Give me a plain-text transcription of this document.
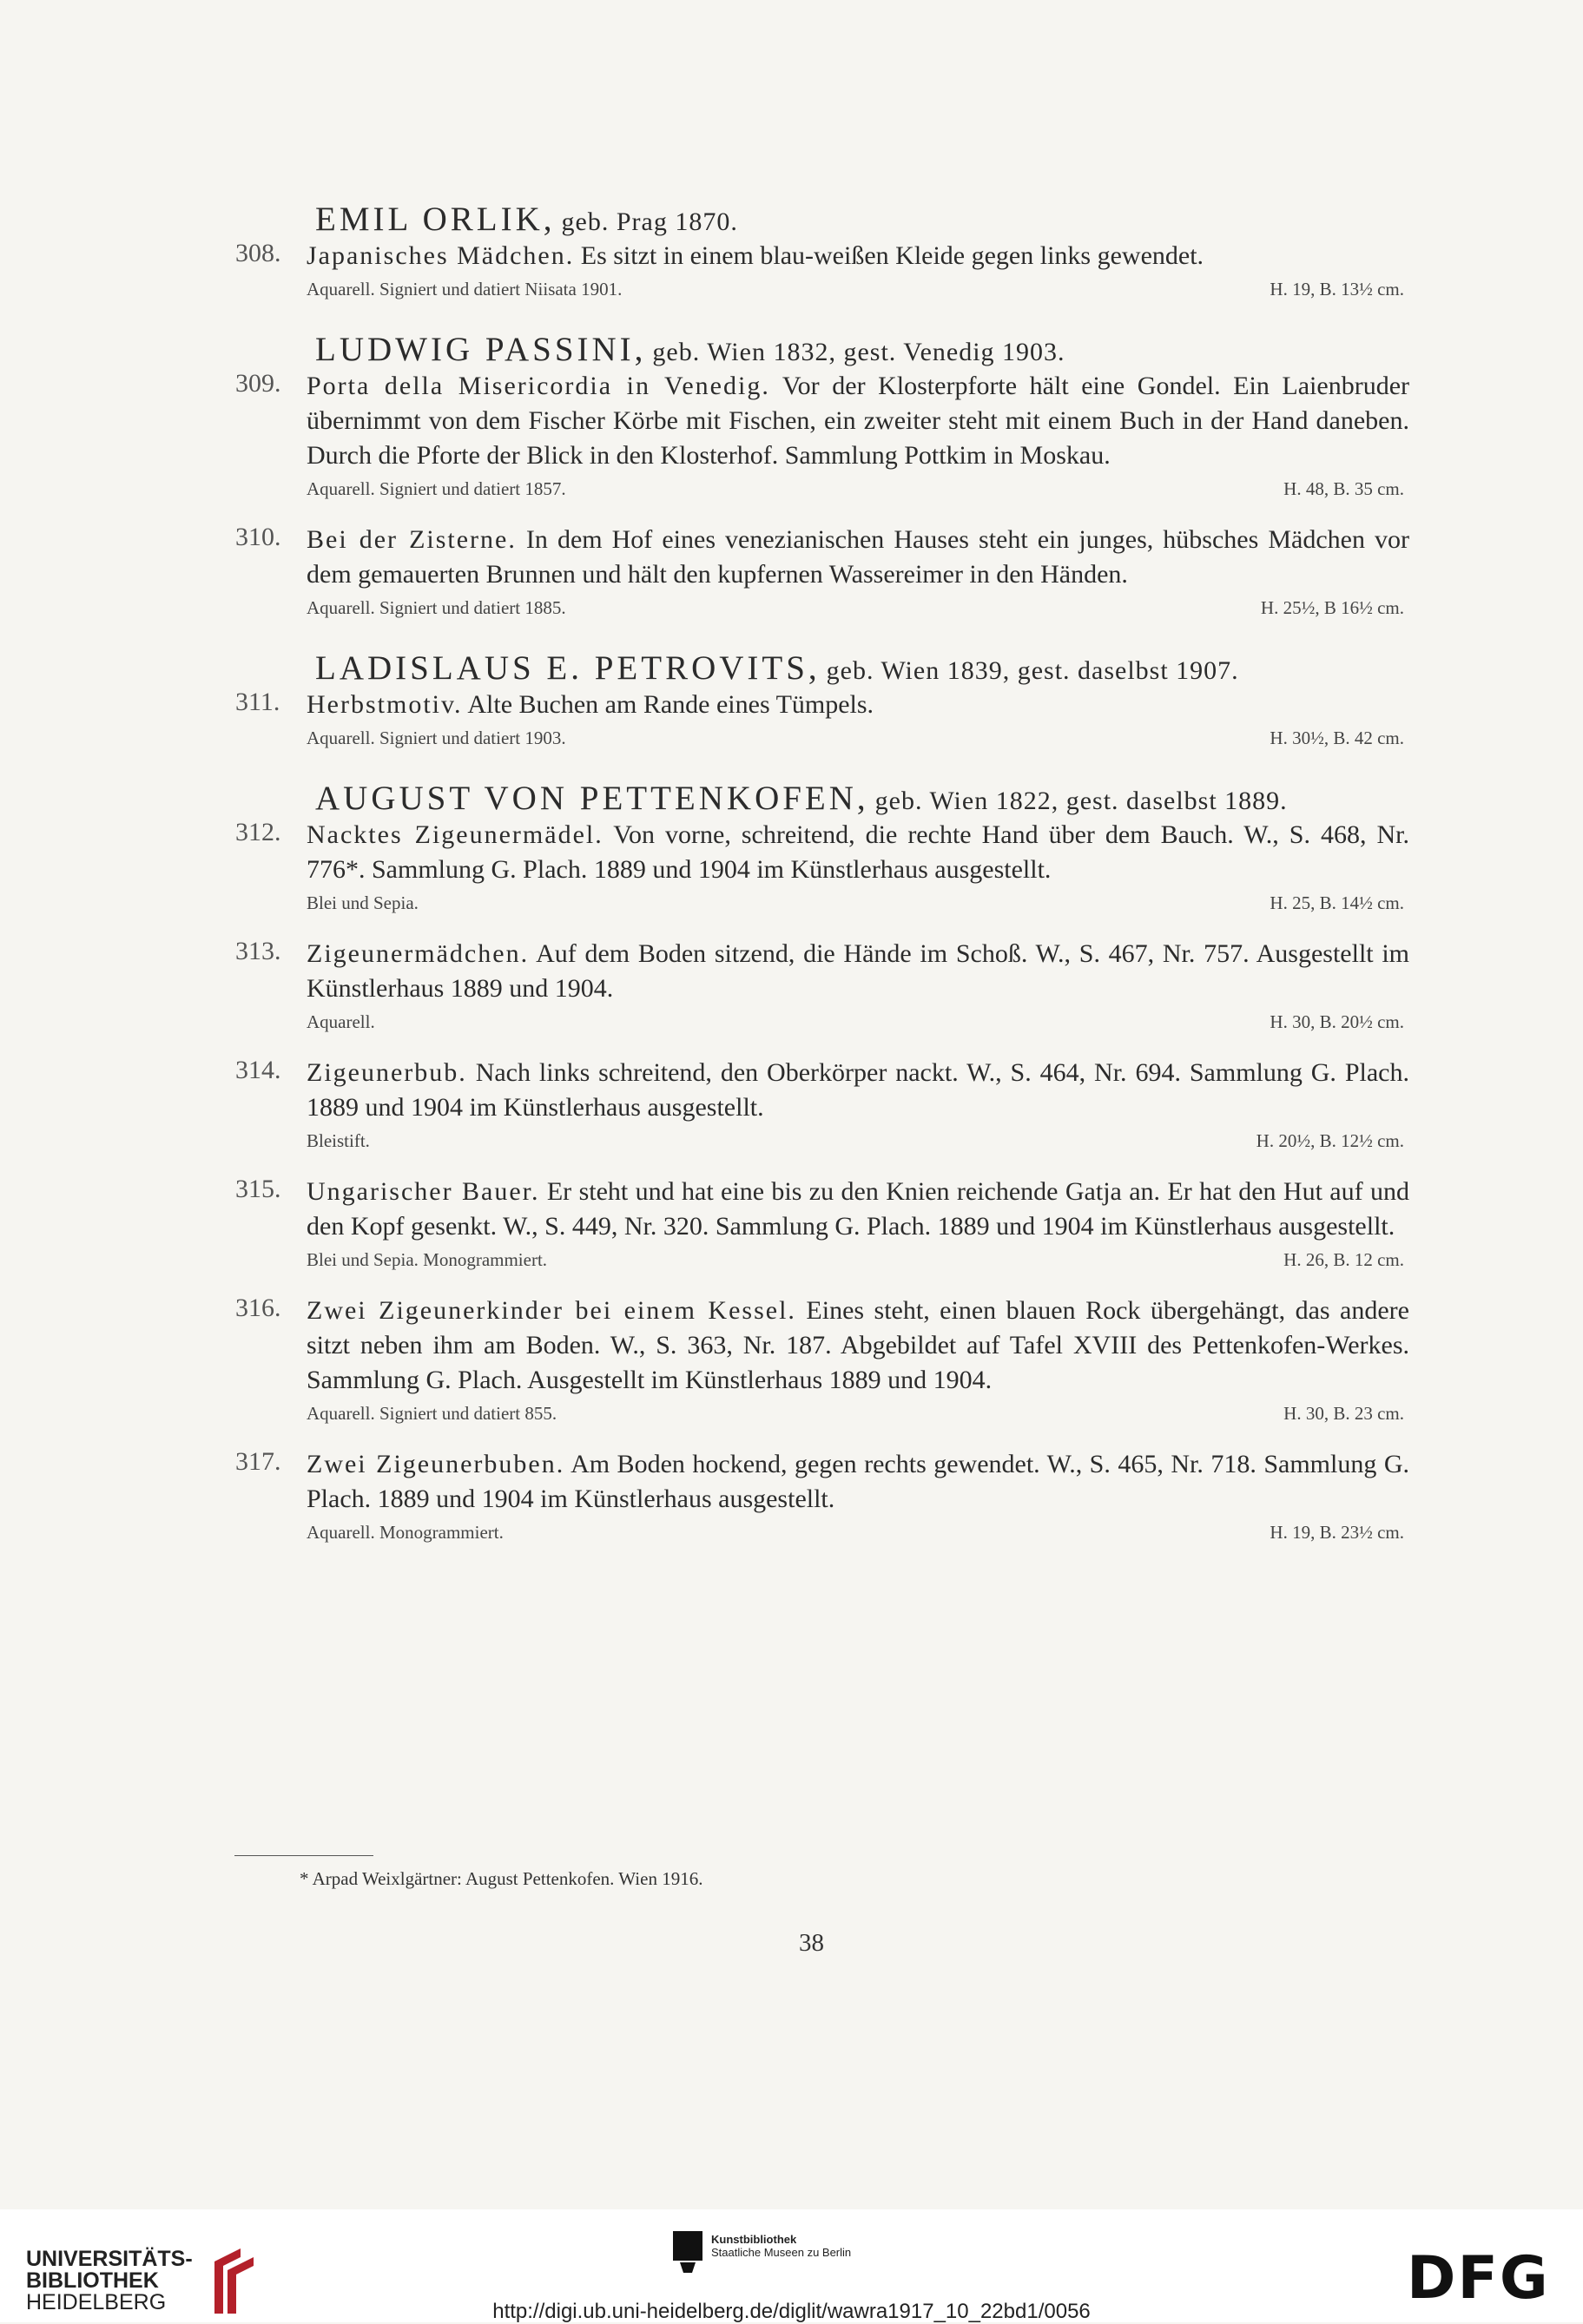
EMIL ORLIK, geb. Prag 1870.
308. Japanisches Mädchen. Es sitzt in einem blau-weißen Kleide gegen links gewendet.
Aquarell. Signiert und datiert Niisata 1901.	H. 19, B. 13½ cm.
LUDWIG PASSINI, geb. Wien 1832, gest. Venedig 1903.
309. Porta della Misericordia in Venedig. Vor der Klosterpforte hält eine Gondel. Ein Laienbruder übernimmt von dem Fischer Körbe mit Fischen, ein zweiter steht mit einem Buch in der Hand daneben. Durch die Pforte der Blick in den Klosterhof. Sammlung Pottkim in Moskau.
Aquarell. Signiert und datiert 1857.	H. 48, B. 35 cm.
310. Bei der Zisterne. In dem Hof eines venezianischen Hauses steht ein junges, hübsches Mädchen vor dem gemauerten Brunnen und hält den kupfernen Wassereimer in den Händen.
Aquarell. Signiert und datiert 1885.	H. 25½, B 16½ cm.
LADISLAUS E. PETROVITS, geb. Wien 1839, gest. daselbst 1907.
311. Herbstmotiv. Alte Buchen am Rande eines Tümpels.
Aquarell. Signiert und datiert 1903.	H. 30½, B. 42 cm.
AUGUST VON PETTENKOFEN, geb. Wien 1822, gest. daselbst 1889.
312. Nacktes Zigeunermädel. Von vorne, schreitend, die rechte Hand über dem Bauch. W., S. 468, Nr. 776*. Sammlung G. Plach. 1889 und 1904 im Künstlerhaus ausgestellt.
Blei und Sepia.	H. 25, B. 14½ cm.
313. Zigeunermädchen. Auf dem Boden sitzend, die Hände im Schoß. W., S. 467, Nr. 757. Ausgestellt im Künstlerhaus 1889 und 1904.
Aquarell.	H. 30, B. 20½ cm.
314. Zigeunerbub. Nach links schreitend, den Oberkörper nackt. W., S. 464, Nr. 694. Sammlung G. Plach. 1889 und 1904 im Künstlerhaus ausgestellt.
Bleistift.	H. 20½, B. 12½ cm.
315. Ungarischer Bauer. Er steht und hat eine bis zu den Knien reichende Gatja an. Er hat den Hut auf und den Kopf gesenkt. W., S. 449, Nr. 320. Sammlung G. Plach. 1889 und 1904 im Künstlerhaus ausgestellt.
Blei und Sepia. Monogrammiert.	H. 26, B. 12 cm.
316. Zwei Zigeunerkinder bei einem Kessel. Eines steht, einen blauen Rock übergehängt, das andere sitzt neben ihm am Boden. W., S. 363, Nr. 187. Abgebildet auf Tafel XVIII des Pettenkofen-Werkes. Sammlung G. Plach. Ausgestellt im Künstlerhaus 1889 und 1904.
Aquarell. Signiert und datiert 855.	H. 30, B. 23 cm.
317. Zwei Zigeunerbuben. Am Boden hockend, gegen rechts gewendet. W., S. 465, Nr. 718. Sammlung G. Plach. 1889 und 1904 im Künstlerhaus ausgestellt.
Aquarell. Monogrammiert.	H. 19, B. 23½ cm.
* Arpad Weixlgärtner: August Pettenkofen. Wien 1916.
38
UNIVERSITÄTS-
BIBLIOTHEK
HEIDELBERG
Kunstbibliothek
Staatliche Museen zu Berlin	DFG
http://digi.ub.uni-heidelberg.de/diglit/wawra1917_10_22bd1/0056
